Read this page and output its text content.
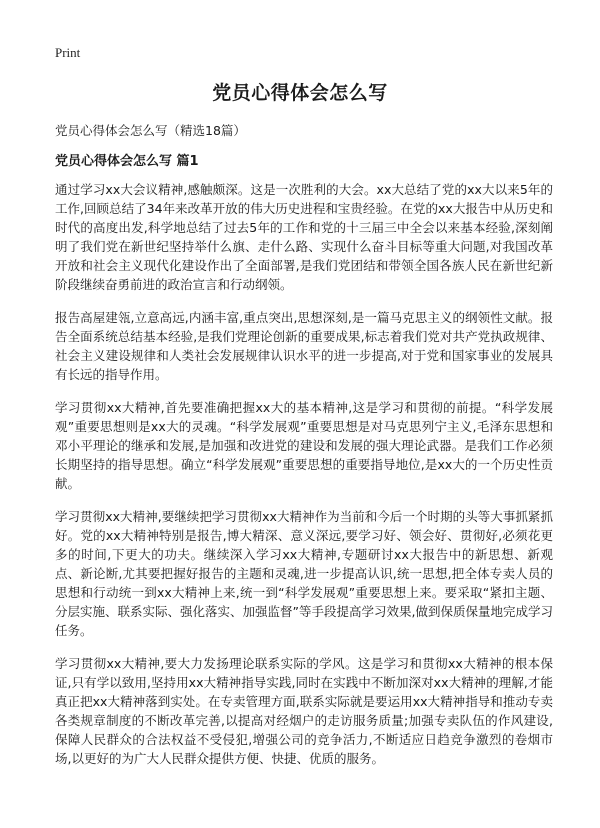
Print
党员心得体会怎么写
党员心得体会怎么写（精选18篇）
党员心得体会怎么写 篇1

通过学习xx大会议精神,感触颇深。这是一次胜利的大会。xx大总结了党的xx大以来5年的工作,回顾总结了34年来改革开放的伟大历史进程和宝贵经验。在党的xx大报告中从历史和时代的高度出发,科学地总结了过去5年的工作和党的十三届三中全会以来基本经验,深刻阐明了我们党在新世纪坚持举什么旗、走什么路、实现什么奋斗目标等重大问题,对我国改革开放和社会主义现代化建设作出了全面部署,是我们党团结和带领全国各族人民在新世纪新阶段继续奋勇前进的政治宣言和行动纲领。

报告高屋建瓴,立意高远,内涵丰富,重点突出,思想深刻,是一篇马克思主义的纲领性文献。报告全面系统总结基本经验,是我们党理论创新的重要成果,标志着我们党对共产党执政规律、社会主义建设规律和人类社会发展规律认识水平的进一步提高,对于党和国家事业的发展具有长远的指导作用。

学习贯彻xx大精神,首先要准确把握xx大的基本精神,这是学习和贯彻的前提。“科学发展观”重要思想则是xx大的灵魂。“科学发展观”重要思想是对马克思列宁主义,毛泽东思想和邓小平理论的继承和发展,是加强和改进党的建设和发展的强大理论武器。是我们工作必须长期坚持的指导思想。确立“科学发展观”重要思想的重要指导地位,是xx大的一个历史性贡献。

学习贯彻xx大精神,要继续把学习贯彻xx大精神作为当前和今后一个时期的头等大事抓紧抓好。党的xx大精神特别是报告,博大精深、意义深远,要学习好、领会好、贯彻好,必须花更多的时间,下更大的功夫。继续深入学习xx大精神,专题研讨xx大报告中的新思想、新观点、新论断,尤其要把握好报告的主题和灵魂,进一步提高认识,统一思想,把全体专卖人员的思想和行动统一到xx大精神上来,统一到“科学发展观”重要思想上来。要采取“紧扣主题、分层实施、联系实际、强化落实、加强监督”等手段提高学习效果,做到保质保量地完成学习任务。

学习贯彻xx大精神,要大力发扬理论联系实际的学风。这是学习和贯彻xx大精神的根本保证,只有学以致用,坚持用xx大精神指导实践,同时在实践中不断加深对xx大精神的理解,才能真正把xx大精神落到实处。在专卖管理方面,联系实际就是要运用xx大精神指导和推动专卖各类规章制度的不断改革完善,以提高对经烟户的走访服务质量;加强专卖队伍的作风建设,保障人民群众的合法权益不受侵犯,增强公司的竞争活力,不断适应日趋竞争激烈的卷烟市场,以更好的为广大人民群众提供方便、快捷、优质的服务。
